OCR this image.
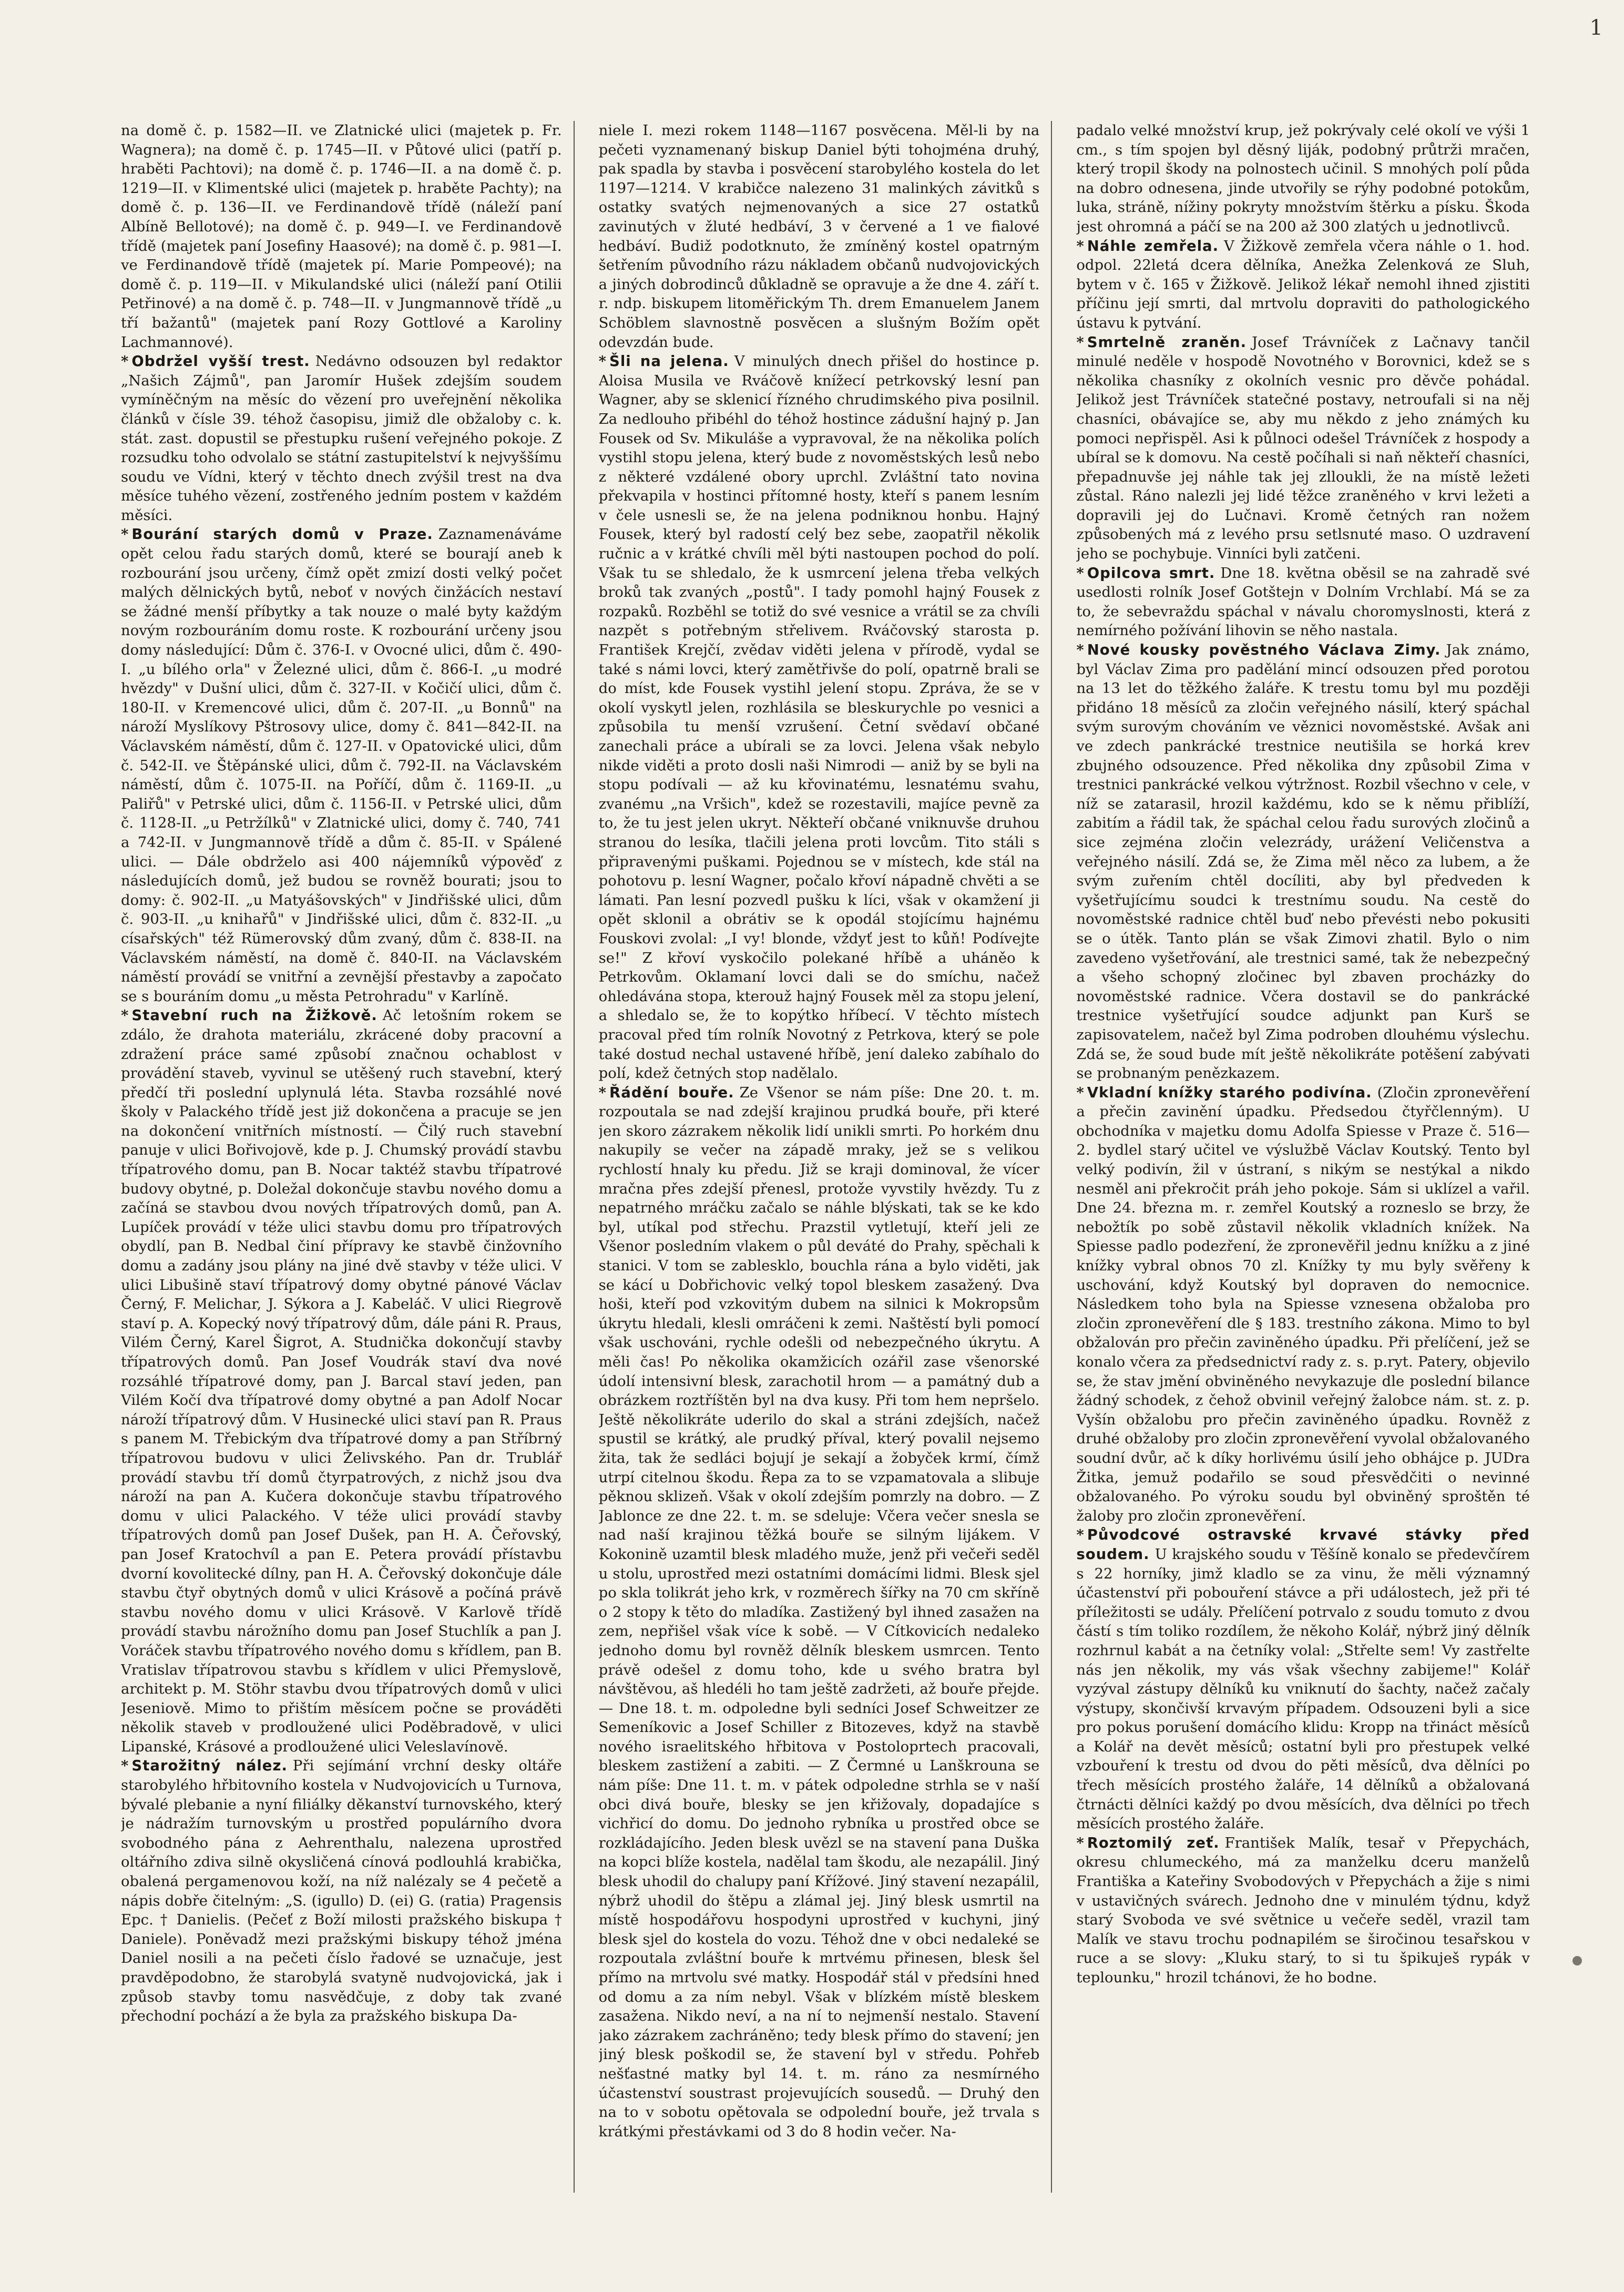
1

na domě č. p. 1582—II. ve Zlatnické ulici (majetek p. Fr. Wagnera); na domě č. p. 1745—II. v Půtové ulici (patří p. hraběti Pachtovi); na domě č. p. 1746—II. a na domě č. p. 1219—II. v Klimentské ulici (majetek p. hraběte Pachty); na domě č. p. 136—II. ve Ferdinandově třídě (náleží paní Albíně Bellotové); na domě č. p. 949—I. ve Ferdinandově třídě (majetek paní Josefiny Haasové); na domě č. p. 981—I. ve Ferdinandově třídě (majetek pí. Marie Pompeové); na domě č. p. 119—II. v Mikulandské ulici (náleží paní Otilii Petřinové) a na domě č. p. 748—II. v Jungmannově třídě „u tří bažantů" (majetek paní Rozy Gottlové a Karoliny Lachmannové).

* Obdržel vyšší trest. Nedávno odsouzen byl redaktor „Našich Zájmů", pan Jaromír Hušek zdejším soudem vymíněčným na měsíc do vězení pro uveřejnění několika článků v čísle 39. téhož časopisu, jimiž dle obžaloby c. k. stát. zast. dopustil se přestupku rušení veřejného pokoje. Z rozsudku toho odvolalo se státní zastupitelství k nejvyššímu soudu ve Vídni, který v těchto dnech zvýšil trest na dva měsíce tuhého vězení, zostřeného jedním postem v každém měsíci.

* Bourání starých domů v Praze. Zaznamenáváme opět celou řadu starých domů, které se bourají aneb k rozbourání jsou určeny, čímž opět zmizí dosti velký počet malých dělnických bytů, neboť v nových činžácích nestaví se žádné menší příbytky a tak nouze o malé byty každým novým rozbouráním domu roste. K rozbourání určeny jsou domy následující: Dům č. 376-I. v Ovocné ulici, dům č. 490-I. „u bílého orla" v Železné ulici, dům č. 866-I. „u modré hvězdy" v Dušní ulici, dům č. 327-II. v Kočičí ulici, dům č. 180-II. v Kremencové ulici, dům č. 207-II. „u Bonnů" na nároží Myslíkovy Pštrosovy ulice, domy č. 841—842-II. na Václavském náměstí, dům č. 127-II. v Opatovické ulici, dům č. 542-II. ve Štěpánské ulici, dům č. 792-II. na Václavském náměstí, dům č. 1075-II. na Poříčí, dům č. 1169-II. „u Paliřů" v Petrské ulici, dům č. 1156-II. v Petrské ulici, dům č. 1128-II. „u Petržílků" v Zlatnické ulici, domy č. 740, 741 a 742-II. v Jungmannově třídě a dům č. 85-II. v Spálené ulici. — Dále obdrželo asi 400 nájemníků výpověď z následujících domů, jež budou se rovněž bourati; jsou to domy: č. 902-II. „u Matyášovských" v Jindřišské ulici, dům č. 903-II. „u knihařů" v Jindřišské ulici, dům č. 832-II. „u císařských" též Rümerovský dům zvaný, dům č. 838-II. na Václavském náměstí, na domě č. 840-II. na Václavském náměstí provádí se vnitřní a zevnější přestavby a započato se s bouráním domu „u města Petrohradu" v Karlíně.

* Stavební ruch na Žižkově. Ač letošním rokem se zdálo, že drahota materiálu, zkrácené doby pracovní a zdražení práce samé způsobí značnou ochablost v provádění staveb, vyvinul se utěšený ruch stavební, který předčí tři poslední uplynulá léta. Stavba rozsáhlé nové školy v Palackého třídě jest již dokončena a pracuje se jen na dokončení vnitřních místností. — Čilý ruch stavební panuje v ulici Bořivojově, kde p. J. Chumský provádí stavbu třípatrového domu, pan B. Nocar taktéž stavbu třípatrové budovy obytné, p. Doležal dokončuje stavbu nového domu a začíná se stavbou dvou nových třípatrových domů, pan A. Lupíček provádí v téže ulici stavbu domu pro třípatrových obydlí, pan B. Nedbal činí přípravy ke stavbě činžovního domu a zadány jsou plány na jiné dvě stavby v téže ulici. V ulici Libušině staví třípatrový domy obytné pánové Václav Černý, F. Melichar, J. Sýkora a J. Kabeláč. V ulici Riegrově staví p. A. Kopecký nový třípatrový dům, dále páni R. Praus, Vilém Černý, Karel Šigrot, A. Studnička dokončují stavby třípatrových domů. Pan Josef Voudrák staví dva nové rozsáhlé třípatrové domy, pan J. Barcal staví jeden, pan Vilém Kočí dva třípatrové domy obytné a pan Adolf Nocar nároží třípatrový dům. V Husinecké ulici staví pan R. Praus s panem M. Třebickým dva třípatrové domy a pan Stříbrný třípatrovou budovu v ulici Želivského. Pan dr. Trublář provádí stavbu tří domů čtyrpatrových, z nichž jsou dva nároží na pan A. Kučera dokončuje stavbu třípatrového domu v ulici Palackého. V téže ulici provádí stavby třípatrových domů pan Josef Dušek, pan H. A. Čeřovský, pan Josef Kratochvíl a pan E. Petera provádí přístavbu dvorní kovolitecké dílny, pan H. A. Čeřovský dokončuje dále stavbu čtyř obytných domů v ulici Krásově a počíná právě stavbu nového domu v ulici Krásově. V Karlově třídě provádí stavbu nárožního domu pan Josef Stuchlík a pan J. Voráček stavbu třípatrového nového domu s křídlem, pan B. Vratislav třípatrovou stavbu s křídlem v ulici Přemyslově, architekt p. M. Stöhr stavbu dvou třípatrových domů v ulici Jeseniově. Mimo to přištím měsícem počne se prováděti několik staveb v prodloužené ulici Poděbradově, v ulici Lipanské, Krásové a prodloužené ulici Veleslavínově.

* Starožitný nález. Při sejímání vrchní desky oltáře starobylého hřbitovního kostela v Nudvojovicích u Turnova, bývalé plebanie a nyní filiálky děkanství turnovského, který je nádražím turnovským u prostřed populárního dvora svobodného pána z Aehrenthalu, nalezena uprostřed oltářního zdiva silně okysličená cínová podlouhlá krabička, obalená pergamenovou koží, na níž nalézaly se 4 pečetě a nápis dobře čitelným: „S. (igullo) D. (ei) G. (ratia) Pragensis Epc. † Danielis. (Pečeť z Boží milosti pražského biskupa † Daniele). Poněvadž mezi pražskými biskupy téhož jména Daniel nosili a na pečeti číslo řadové se uznačuje, jest pravděpodobno, že starobylá svatyně nudvojovická, jak i způsob stavby tomu nasvědčuje, z doby tak zvané přechodní pochází a že byla za pražského biskupa Da-

niele I. mezi rokem 1148—1167 posvěcena. Měl-li by na pečeti vyznamenaný biskup Daniel býti tohojména druhý, pak spadla by stavba i posvěcení starobylého kostela do let 1197—1214. V krabičce nalezeno 31 malinkých závitků s ostatky svatých nejmenovaných a sice 27 ostatků zavinutých v žluté hedbáví, 3 v červené a 1 ve fialové hedbáví. Budiž podotknuto, že zmíněný kostel opatrným šetřením původního rázu nákladem občanů nudvojovických a jiných dobrodinců důkladně se opravuje a že dne 4. září t. r. ndp. biskupem litoměřickým Th. drem Emanuelem Janem Schöblem slavnostně posvěcen a slušným Božím opět odevzdán bude.

* Šli na jelena. V minulých dnech přišel do hostince p. Aloisa Musila ve Rváčově knížecí petrkovský lesní pan Wagner, aby se sklenicí řízného chrudimského piva posilnil. Za nedlouho přibéhl do téhož hostince zádušní hajný p. Jan Fousek od Sv. Mikuláše a vypravoval, že na několika polích vystihl stopu jelena, který bude z novoměstských lesů nebo z některé vzdálené obory uprchl. Zvláštní tato novina překvapila v hostinci přítomné hosty, kteří s panem lesním v čele usnesli se, že na jelena podniknou honbu. Hajný Fousek, který byl radostí celý bez sebe, zaopatřil několik ručnic a v krátké chvíli měl býti nastoupen pochod do polí. Však tu se shledalo, že k usmrcení jelena třeba velkých broků tak zvaných „postů". I tady pomohl hajný Fousek z rozpaků. Rozběhl se totiž do své vesnice a vrátil se za chvíli nazpět s potřebným střelivem. Rváčovský starosta p. František Krejčí, zvědav viděti jelena v přírodě, vydal se také s námi lovci, který zamětřivše do polí, opatrně brali se do míst, kde Fousek vystihl jelení stopu. Zpráva, že se v okolí vyskytl jelen, rozhlásila se bleskurychle po vesnici a způsobila tu menší vzrušení. Četní svědaví občané zanechali práce a ubírali se za lovci. Jelena však nebylo nikde viděti a proto dosli naši Nimrodi — aniž by se byli na stopu podívali — až ku křovinatému, lesnatému svahu, zvanému „na Vršich", kdež se rozestavili, majíce pevně za to, že tu jest jelen ukryt. Někteří občané vniknuvše druhou stranou do lesíka, tlačili jelena proti lovcům. Tito stáli s připravenými puškami. Pojednou se v místech, kde stál na pohotovu p. lesní Wagner, počalo křoví nápadně chvěti a se lámati. Pan lesní pozvedl pušku k líci, však v okamžení ji opět sklonil a obrátiv se k opodál stojícímu hajnému Fouskovi zvolal: „I vy! blonde, vždyť jest to kůň! Podívejte se!" Z křoví vyskočilo polekané hříbě a uháněo k Petrkovům. Oklamaní lovci dali se do smíchu, načež ohledávána stopa, kterouž hajný Fousek měl za stopu jelení, a shledalo se, že to kopýtko hříbecí. V těchto místech pracoval před tím rolník Novotný z Petrkova, který se pole také dostud nechal ustavené hříbě, jení daleko zabíhalo do polí, kdež četných stop nadělalo.

* Řádění bouře. Ze Všenor se nám píše: Dne 20. t. m. rozpoutala se nad zdejší krajinou prudká bouře, při které jen skoro zázrakem několik lidí unikli smrti. Po horkém dnu nakupily se večer na západě mraky, jež se s velikou rychlostí hnaly ku předu. Již se kraji dominoval, že vícer mračna přes zdejší přenesl, protože vyvstily hvězdy. Tu z nepatrného mráčku začalo se náhle blýskati, tak se ke kdo byl, utíkal pod střechu. Prazstil vytletují, kteří jeli ze Všenor posledním vlakem o půl deváté do Prahy, spěchali k stanici. V tom se zablesklo, bouchla rána a bylo viděti, jak se kácí u Dobřichovic velký topol bleskem zasažený. Dva hoši, kteří pod vzkovitým dubem na silnici k Mokropsům úkrytu hledali, klesli omráčeni k zemi. Naštěstí byli pomocí však uschováni, rychle odešli od nebezpečného úkrytu. A měli čas! Po několika okamžicích ozářil zase všenorské údolí intensivní blesk, zarachotil hrom — a památný dub a obrázkem roztříštěn byl na dva kusy. Při tom hem nepršelo. Ještě několikráte uderilo do skal a stráni zdejších, načež spustil se krátký, ale prudký příval, který povalil nejsemo žita, tak že sedláci bojují je sekají a žobyček krmí, čímž utrpí citelnou škodu. Řepa za to se vzpamatovala a slibuje pěknou sklizeň. Však v okolí zdejším pomrzly na dobro. — Z Jablonce ze dne 22. t. m. se sdeluje: Včera večer snesla se nad naší krajinou těžká bouře se silným lijákem. V Kokonině uzamtil blesk mladého muže, jenž při večeři seděl u stolu, uprostřed mezi ostatními domácími lidmi. Blesk sjel po skla tolikrát jeho krk, v rozměrech šířky na 70 cm skříně o 2 stopy k těto do mladíka. Zastižený byl ihned zasažen na zem, nepřišel však více k sobě. — V Cítkovicích nedaleko jednoho domu byl rovněž dělník bleskem usmrcen. Tento právě odešel z domu toho, kde u svého bratra byl návštěvou, aš hledéli ho tam ještě zadržeti, až bouře přejde. — Dne 18. t. m. odpoledne byli sedníci Josef Schweitzer ze Semeníkovic a Josef Schiller z Bitozeves, když na stavbě nového israelitského hřbitova v Postoloprtech pracovali, bleskem zastižení a zabiti. — Z Čermné u Lanškrouna se nám píše: Dne 11. t. m. v pátek odpoledne strhla se v naší obci divá bouře, blesky se jen křižovaly, dopadajíce s vichřicí do domu. Do jednoho rybníka u prostřed obce se rozkládajícího. Jeden blesk uvězl se na stavení pana Duška na kopci blíže kostela, nadělal tam škodu, ale nezapálil. Jiný blesk uhodil do chalupy paní Křížové. Jiný stavení nezapálil, nýbrž uhodil do štěpu a zlámal jej. Jiný blesk usmrtil na místě hospodářovu hospodyni uprostřed v kuchyni, jiný blesk sjel do kostela do vozu. Téhož dne v obci nedaleké se rozpoutala zvláštní bouře k mrtvému přinesen, blesk šel přímo na mrtvolu své matky. Hospodář stál v předsíni hned od domu a za ním nebyl. Však v blízkém místě bleskem zasažena. Nikdo neví, a na ní to nejmenší nestalo. Stavení jako zázrakem zachráněno; tedy blesk přímo do stavení; jen jiný blesk poškodil se, že stavení byl v středu. Pohřeb nešťastné matky byl 14. t. m. ráno za nesmírného účastenství soustrast projevujících sousedů. — Druhý den na to v sobotu opětovala se odpolední bouře, jež trvala s krátkými přestávkami od 3 do 8 hodin večer. Na-

padalo velké množství krup, jež pokrývaly celé okolí ve výši 1 cm., s tím spojen byl děsný liják, podobný průtrži mračen, který tropil škody na polnostech učinil. S mnohých polí půda na dobro odnesena, jinde utvořily se rýhy podobné potokům, luka, stráně, nížiny pokryty množstvím štěrku a písku. Škoda jest ohromná a páčí se na 200 až 300 zlatých u jednotlivců.

* Náhle zemřela. V Žižkově zemřela včera náhle o 1. hod. odpol. 22letá dcera dělníka, Anežka Zelenková ze Sluh, bytem v č. 165 v Žižkově. Jelikož lékař nemohl ihned zjistiti příčinu její smrti, dal mrtvolu dopraviti do pathologického ústavu k pytvání.

* Smrtelně zraněn. Josef Trávníček z Lačnavy tančil minulé neděle v hospodě Novotného v Borovnici, kdež se s několika chasníky z okolních vesnic pro děvče pohádal. Jelikož jest Trávníček statečné postavy, netroufali si na něj chasníci, obávajíce se, aby mu někdo z jeho známých ku pomoci nepřispěl. Asi k půlnoci odešel Trávníček z hospody a ubíral se k domovu. Na cestě počíhali si naň někteří chasníci, přepadnuvše jej náhle tak jej zlloukli, že na místě ležeti zůstal. Ráno nalezli jej lidé těžce zraněného v krvi ležeti a dopravili jej do Lučnavi. Kromě četných ran nožem způsobených má z levého prsu setlsnuté maso. O uzdravení jeho se pochybuje. Vinníci byli zatčeni.

* Opilcova smrt. Dne 18. května oběsil se na zahradě své usedlosti rolník Josef Gotštejn v Dolním Vrchlabí. Má se za to, že sebevraždu spáchal v návalu choromyslnosti, která z nemírného požívání lihovin se něho nastala.

* Nové kousky pověstného Václava Zimy. Jak známo, byl Václav Zima pro padělání mincí odsouzen před porotou na 13 let do těžkého žaláře. K trestu tomu byl mu později přidáno 18 měsíců za zločin veřejného násilí, který spáchal svým surovým chováním ve věznici novoměstské. Avšak ani ve zdech pankrácké trestnice neutišila se horká krev zbujného odsouzence. Před několika dny způsobil Zima v trestnici pankrácké velkou výtržnost. Rozbil všechno v cele, v níž se zatarasil, hrozil každému, kdo se k němu přiblíží, zabitím a řádil tak, že spáchal celou řadu surových zločinů a sice zejména zločin velezrády, urážení Veličenstva a veřejného násilí. Zdá se, že Zima měl něco za lubem, a že svým zuřením chtěl docíliti, aby byl předveden k vyšetřujícímu soudci k trestnímu soudu. Na cestě do novoměstské radnice chtěl buď nebo převésti nebo pokusiti se o útěk. Tanto plán se však Zimovi zhatil. Bylo o nim zavedeno vyšetřování, ale trestnici samé, tak že nebezpečný a všeho schopný zločinec byl zbaven procházky do novoměstské radnice. Včera dostavil se do pankrácké trestnice vyšetřující soudce adjunkt pan Kurš se zapisovatelem, načež byl Zima podroben dlouhému výslechu. Zdá se, že soud bude mít ještě několikráte potěšení zabývati se probnaným penězkazem.

* Vkladní knížky starého podivína. (Zločin zpronevěření a přečin zavinění úpadku. Předsedou čtyřčlenným). U obchodníka v majetku domu Adolfa Spiesse v Praze č. 516—2. bydlel starý učitel ve výslužbě Václav Koutský. Tento byl velký podivín, žil v ústraní, s nikým se nestýkal a nikdo nesměl ani překročit práh jeho pokoje. Sám si uklízel a vařil. Dne 24. března m. r. zemřel Koutský a rozneslo se brzy, že nebožtík po sobě zůstavil několik vkladních knížek. Na Spiesse padlo podezření, že zpronevěřil jednu knížku a z jiné knížky vybral obnos 70 zl. Knížky ty mu byly svěřeny k uschování, když Koutský byl dopraven do nemocnice. Následkem toho byla na Spiesse vznesena obžaloba pro zločin zpronevěření dle § 183. trestního zákona. Mimo to byl obžalován pro přečin zaviněného úpadku. Při přelíčení, jež se konalo včera za předsednictví rady z. s. p.ryt. Patery, objevilo se, že stav jmění obviněného nevykazuje dle poslední bilance žádný schodek, z čehož obvinil veřejný žalobce nám. st. z. p. Vyšín obžalobu pro přečin zaviněného úpadku. Rovněž z druhé obžaloby pro zločin zpronevěření vyvolal obžalovaného soudní dvůr, ač k díky horlivému úsilí jeho obhájce p. JUDra Žitka, jemuž podařilo se soud přesvědčiti o nevinné obžalovaného. Po výroku soudu byl obviněný sproštěn té žaloby pro zločin zpronevěření.

* Původcové ostravské krvavé stávky před soudem. U krajského soudu v Těšíně konalo se předevčírem s 22 horníky, jimž kladlo se za vinu, že měli významný účastenství při pobouření stávce a při událostech, jež při té příležitosti se udály. Přelíčení potrvalo z soudu tomuto z dvou částí s tím toliko rozdílem, že někoho Kolář, nýbrž jiný dělník rozhrnul kabát a na četníky volal: „Střelte sem! Vy zastřelte nás jen několik, my vás však všechny zabijeme!" Kolář vyzýval zástupy dělníků ku vniknutí do šachty, načež začaly výstupy, skončivší krvavým případem. Odsouzeni byli a sice pro pokus porušení domácího klidu: Kropp na třináct měsíců a Kolář na devět měsíců; ostatní byli pro přestupek velké vzbouření k trestu od dvou do pěti měsíců, dva dělníci po třech měsících prostého žaláře, 14 dělníků a obžalovaná čtrnácti dělníci každý po dvou měsících, dva dělníci po třech měsících prostého žaláře.

* Roztomilý zeť. František Malík, tesař v Přepychách, okresu chlumeckého, má za manželku dceru manželů Františka a Kateřiny Svobodových v Přepychách a žije s nimi v ustavičných svárech. Jednoho dne v minulém týdnu, když starý Svoboda ve své světnice u večeře seděl, vrazil tam Malík ve stavu trochu podnapilém se širočinou tesařskou v ruce a se slovy: „Kluku starý, to si tu špikuješ rypák v teplounku," hrozil tchánovi, že ho bodne.
